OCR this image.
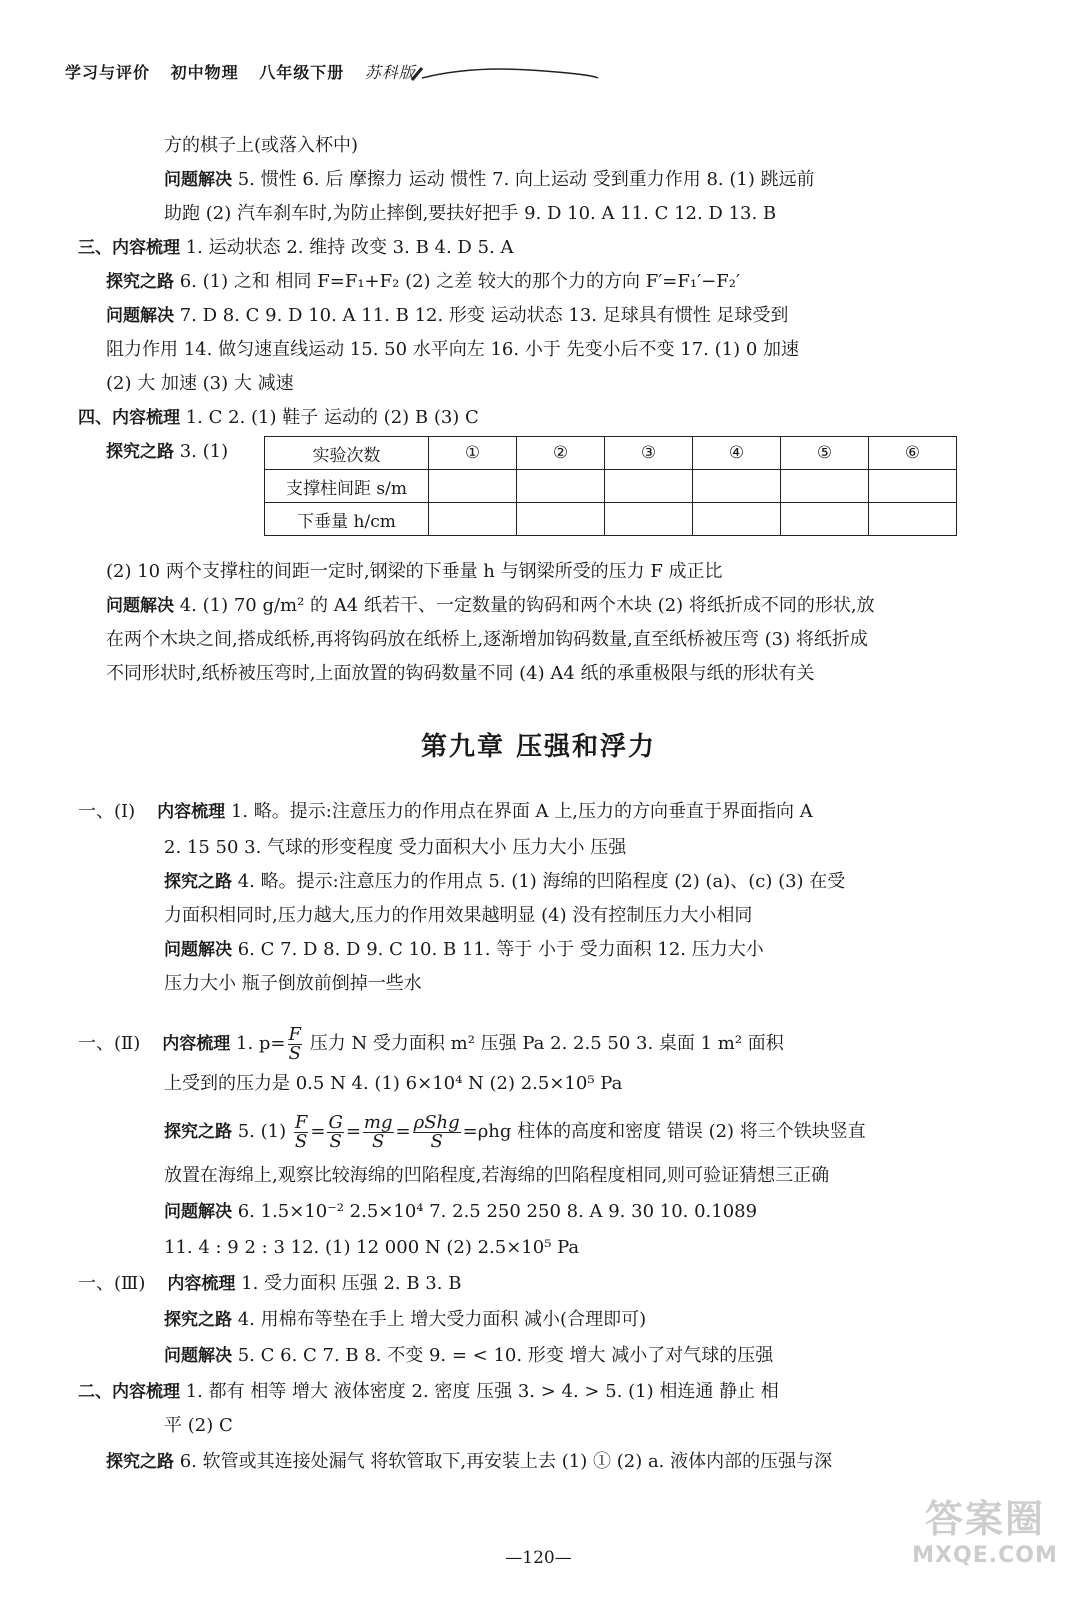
学习与评价 初中物理 八年级下册 苏科版
方的棋子上(或落入杯中)
问题解决 5. 惯性 6. 后 摩擦力 运动 惯性 7. 向上运动 受到重力作用 8. (1) 跳远前
助跑 (2) 汽车刹车时,为防止摔倒,要扶好把手 9. D 10. A 11. C 12. D 13. B
三、内容梳理 1. 运动状态 2. 维持 改变 3. B 4. D 5. A
探究之路 6. (1) 之和 相同 F=F₁+F₂ (2) 之差 较大的那个力的方向 F′=F₁′−F₂′
问题解决 7. D 8. C 9. D 10. A 11. B 12. 形变 运动状态 13. 足球具有惯性 足球受到
阻力作用 14. 做匀速直线运动 15. 50 水平向左 16. 小于 先变小后不变 17. (1) 0 加速
(2) 大 加速 (3) 大 减速
四、内容梳理 1. C 2. (1) 鞋子 运动的 (2) B (3) C
探究之路 3. (1)	实验次数	①	②	③	④	⑤	⑥
支撑柱间距 s/m						
下垂量 h/cm						
(2) 10 两个支撑柱的间距一定时,钢梁的下垂量 h 与钢梁所受的压力 F 成正比
问题解决 4. (1) 70 g/m² 的 A4 纸若干、一定数量的钩码和两个木块 (2) 将纸折成不同的形状,放
在两个木块之间,搭成纸桥,再将钩码放在纸桥上,逐渐增加钩码数量,直至纸桥被压弯 (3) 将纸折成
不同形状时,纸桥被压弯时,上面放置的钩码数量不同 (4) A4 纸的承重极限与纸的形状有关
第九章 压强和浮力
一、(Ⅰ) 内容梳理 1. 略。提示:注意压力的作用点在界面 A 上,压力的方向垂直于界面指向 A
2. 15 50 3. 气球的形变程度 受力面积大小 压力大小 压强
探究之路 4. 略。提示:注意压力的作用点 5. (1) 海绵的凹陷程度 (2) (a)、(c) (3) 在受
力面积相同时,压力越大,压力的作用效果越明显 (4) 没有控制压力大小相同
问题解决 6. C 7. D 8. D 9. C 10. B 11. 等于 小于 受力面积 12. 压力大小
压力大小 瓶子倒放前倒掉一些水
一、(Ⅱ) 内容梳理 1. $p= \frac{F}{S}$ 压力 N 受力面积 m² 压强 Pa 2. 2.5 50 3. 桌面 1 m² 面积
上受到的压力是 0.5 N 4. (1) 6×10⁴ N (2) 2.5×10⁵ Pa
探究之路 5. $(1) \frac{F}{S} = \frac{G}{S} = \frac{mg}{S} = \frac{\text{ρShg}}{S} =\rho hg$ 柱体的高度和密度 错误 (2) 将三个铁块竖直
放置在海绵上,观察比较海绵的凹陷程度,若海绵的凹陷程度相同,则可验证猜想三正确
问题解决 6. 1.5×10⁻² 2.5×10⁴ 7. 2.5 250 250 8. A 9. 30 10. 0.1089
11. 4 : 9 2 : 3 12. (1) 12 000 N (2) 2.5×10⁵ Pa
一、(Ⅲ) 内容梳理 1. 受力面积 压强 2. B 3. B
探究之路 4. 用棉布等垫在手上 增大受力面积 减小(合理即可)
问题解决 5. C 6. C 7. B 8. 不变 9. = < 10. 形变 增大 减小了对气球的压强
二、内容梳理 1. 都有 相等 增大 液体密度 2. 密度 压强 3. > 4. > 5. (1) 相连通 静止 相
平 (2) C
探究之路 6. 软管或其连接处漏气 将软管取下,再安装上去 (1) ① (2) a. 液体内部的压强与深
—120—
答案圈
MXQE.COM
